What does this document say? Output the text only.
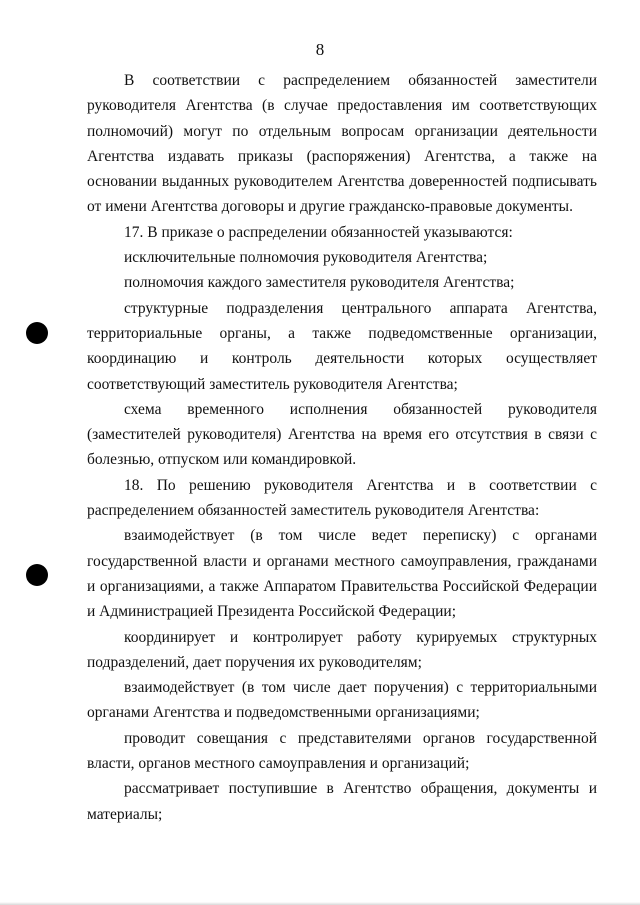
8

В соответствии с распределением обязанностей заместители руководителя Агентства (в случае предоставления им соответствующих полномочий) могут по отдельным вопросам организации деятельности Агентства издавать приказы (распоряжения) Агентства, а также на основании выданных руководителем Агентства доверенностей подписывать от имени Агентства договоры и другие гражданско-правовые документы.

17. В приказе о распределении обязанностей указываются:

исключительные полномочия руководителя Агентства;

полномочия каждого заместителя руководителя Агентства;

структурные подразделения центрального аппарата Агентства, территориальные органы, а также подведомственные организации, координацию и контроль деятельности которых осуществляет соответствующий заместитель руководителя Агентства;

схема временного исполнения обязанностей руководителя (заместителей руководителя) Агентства на время его отсутствия в связи с болезнью, отпуском или командировкой.

18. По решению руководителя Агентства и в соответствии с распределением обязанностей заместитель руководителя Агентства:

взаимодействует (в том числе ведет переписку) с органами государственной власти и органами местного самоуправления, гражданами и организациями, а также Аппаратом Правительства Российской Федерации и Администрацией Президента Российской Федерации;

координирует и контролирует работу курируемых структурных подразделений, дает поручения их руководителям;

взаимодействует (в том числе дает поручения) с территориальными органами Агентства и подведомственными организациями;

проводит совещания с представителями органов государственной власти, органов местного самоуправления и организаций;

рассматривает поступившие в Агентство обращения, документы и материалы;
